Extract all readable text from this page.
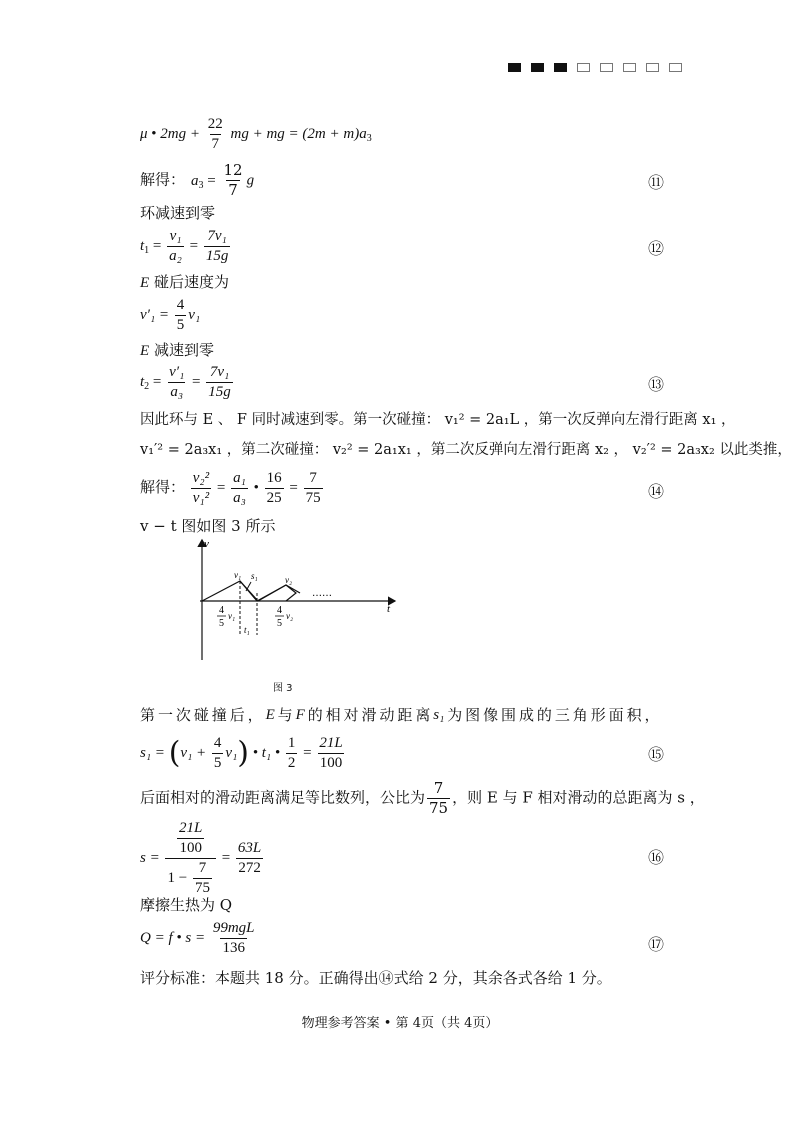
μ • $2mg + \frac{22}{7}$ mg + mg = $(2m + m)a_3$
解得： $a_3 = \frac{12}{7}$ g	⑪
环减速到零
$t_1 = \frac{\text{v₁}}{\text{a₂}} = \frac{\text{7v₁}}{15g}$	⑫
E 碰后速度为
$v'_1 = \frac{4}{5} v_1$
E 减速到零
$t_2 = \frac{\text{v′₁}}{\text{a₃}} = \frac{\text{7v₁}}{15g}$	⑬
因此环与 E 、 F 同时减速到零。第一次碰撞： v₁² = 2a₁L ，第一次反弹向左滑行距离 x₁ ，
v₁′² = 2a₃x₁ ，第二次碰撞： v₂² = 2a₁x₁ ，第二次反弹向左滑行距离 x₂ ， v₂′² = 2a₃x₂ 以此类推，
解得： $\frac{\text{v₂²}}{\text{v₁²}} = \frac{\text{a₁}}{\text{a₃}}$ • $\frac{16}{25} = \frac{7}{75}$	⑭
v − t 图如图 3 所示
v
t
v₁ s₁	v₂
……
4
5
v₁	4
5
v₂
t₁
图 3
第 一 次 碰 撞 后 ， E 与 F 的 相 对 滑 动 距 离 s₁ 为 图 像 围 成 的 三 角 形 面 积 ，
$s_1 = (v_1 + \frac{4}{5} v_1)$ • t₁ • $\frac{1}{2} = \frac{21L}{100}$	⑮
后面相对的滑动距离满足等比数列，公比为 $\frac{7}{75}$ ，则 E 与 F 相对滑动的总距离为 s ，
$s = \frac{\frac{21L}{100}}{1 - \frac{7}{75}} = \frac{63L}{272}$	⑯
摩擦生热为 Q
Q = f • $s = \frac{\text{99mgL}}{136}$	⑰
评分标准：本题共 18 分。正确得出⑭式给 2 分，其余各式各给 1 分。
物理参考答案 • 第 4页（共 4页）
